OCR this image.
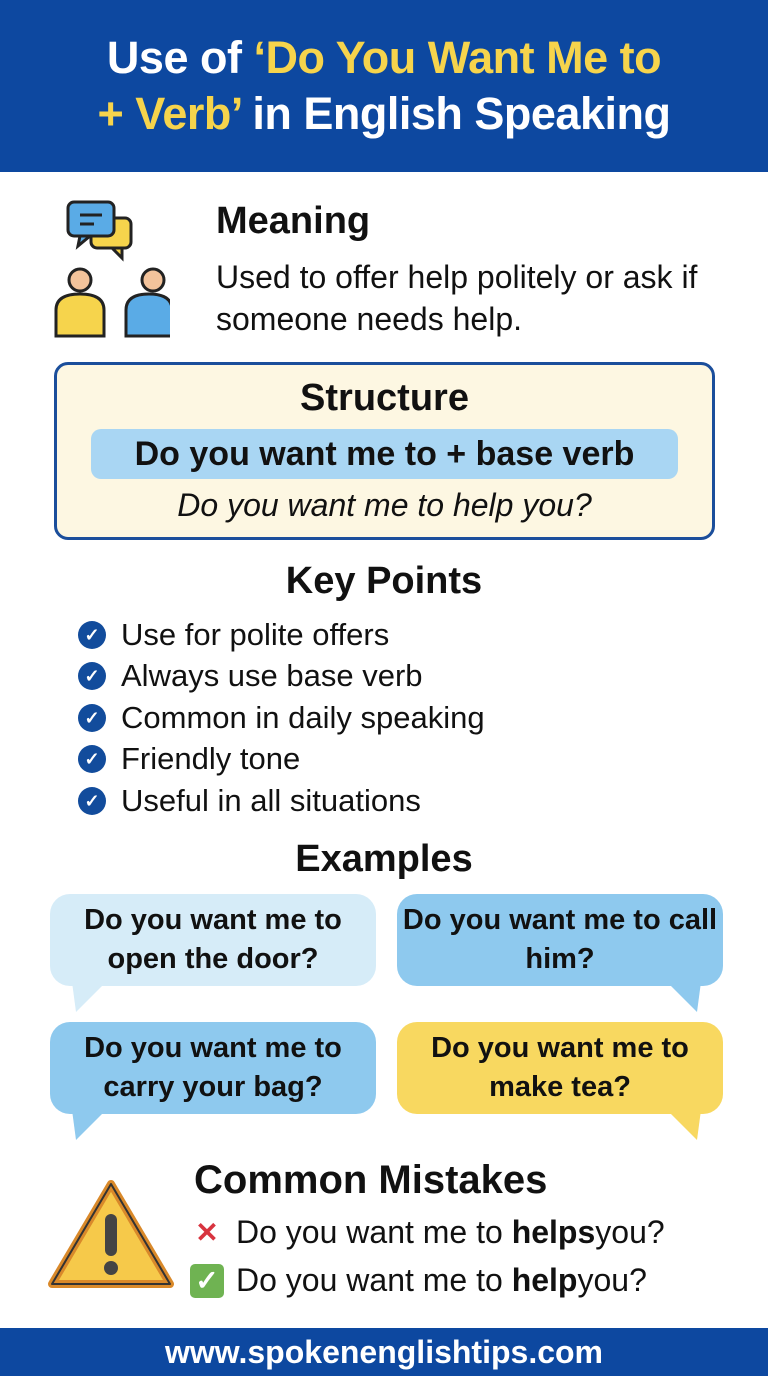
Use of ‘Do You Want Me to
+ Verb’ in English Speaking
Meaning
Used to offer help politely or ask if someone needs help.
Structure
Do you want me to + base verb
Do you want me to help you?
Key Points
✓ Use for polite offers
✓ Always use base verb
✓ Common in daily speaking
✓ Friendly tone
✓ Useful in all situations
Examples
Do you want me to open the door?
Do you want me to call him?
Do you want me to carry your bag?
Do you want me to make tea?
Common Mistakes
✕ Do you want me to
helps you?
✓ Do you want me to
help you?
www.spokenenglishtips.com
